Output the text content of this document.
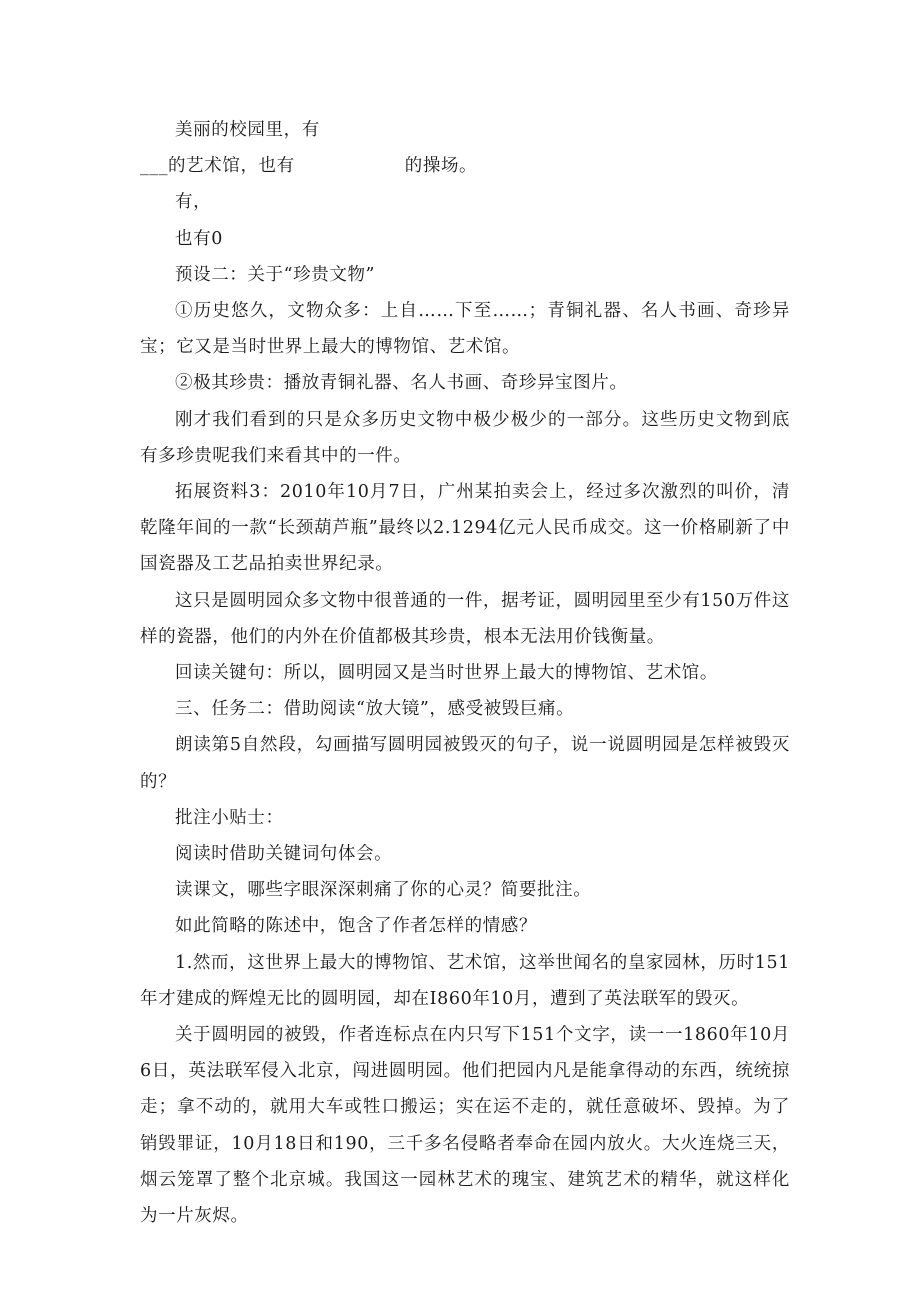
美丽的校园里，有

___的艺术馆，也有	的操场。

有，

也有0

预设二：关于“珍贵文物”

①历史悠久，文物众多：上自……下至……；青铜礼器、名人书画、奇珍异宝；它又是当时世界上最大的博物馆、艺术馆。

②极其珍贵：播放青铜礼器、名人书画、奇珍异宝图片。

刚才我们看到的只是众多历史文物中极少极少的一部分。这些历史文物到底有多珍贵呢我们来看其中的一件。

拓展资料3：2010年10月7日，广州某拍卖会上，经过多次激烈的叫价，清乾隆年间的一款“长颈葫芦瓶”最终以2.1294亿元人民币成交。这一价格刷新了中国瓷器及工艺品拍卖世界纪录。

这只是圆明园众多文物中很普通的一件，据考证，圆明园里至少有150万件这样的瓷器，他们的内外在价值都极其珍贵，根本无法用价钱衡量。

回读关键句：所以，圆明园又是当时世界上最大的博物馆、艺术馆。

三、任务二：借助阅读“放大镜”，感受被毁巨痛。

朗读第5自然段，勾画描写圆明园被毁灭的句子，说一说圆明园是怎样被毁灭的？

批注小贴士：

阅读时借助关键词句体会。

读课文，哪些字眼深深刺痛了你的心灵？简要批注。

如此简略的陈述中，饱含了作者怎样的情感？

1.然而，这世界上最大的博物馆、艺术馆，这举世闻名的皇家园林，历时151年才建成的辉煌无比的圆明园，却在I860年10月，遭到了英法联军的毁灭。

关于圆明园的被毁，作者连标点在内只写下151个文字，读一一1860年10月6日，英法联军侵入北京，闯进圆明园。他们把园内凡是能拿得动的东西，统统掠走；拿不动的，就用大车或牲口搬运；实在运不走的，就任意破坏、毁掉。为了销毁罪证，10月18日和190，三千多名侵略者奉命在园内放火。大火连烧三天，烟云笼罩了整个北京城。我国这一园林艺术的瑰宝、建筑艺术的精华，就这样化为一片灰烬。
